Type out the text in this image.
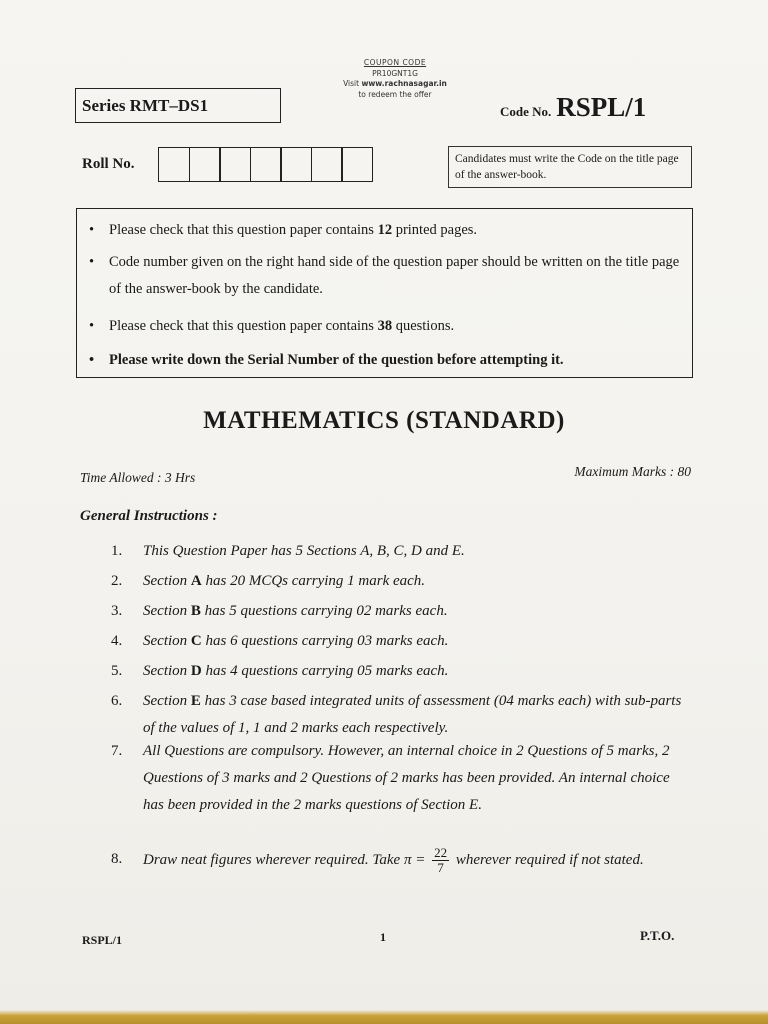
COUPON CODE
PR10GNT1G
Visit www.rachnasagar.in
to redeem the offer
Series RMT–DS1	Code No. RSPL/1
Roll No.	Candidates must write the Code on the title page of the answer-book.
• Please check that this question paper contains 12 printed pages.
• Code number given on the right hand side of the question paper should be written on the title page of the answer-book by the candidate.
• Please check that this question paper contains 38 questions.
• Please write down the Serial Number of the question before attempting it.
MATHEMATICS (STANDARD)
Time Allowed : 3 Hrs	Maximum Marks : 80
General Instructions :
1. This Question Paper has 5 Sections A, B, C, D and E.
2. Section A has 20 MCQs carrying 1 mark each.
3. Section B has 5 questions carrying 02 marks each.
4. Section C has 6 questions carrying 03 marks each.
5. Section D has 4 questions carrying 05 marks each.
6. Section E has 3 case based integrated units of assessment (04 marks each) with sub-parts of the values of 1, 1 and 2 marks each respectively.
7. All Questions are compulsory. However, an internal choice in 2 Questions of 5 marks, 2 Questions of 3 marks and 2 Questions of 2 marks has been provided. An internal choice has been provided in the 2 marks questions of Section E.
8. Draw neat figures wherever required. Take $\pi = \frac{22}{7}$ wherever required if not stated.
RSPL/1	1	P.T.O.
